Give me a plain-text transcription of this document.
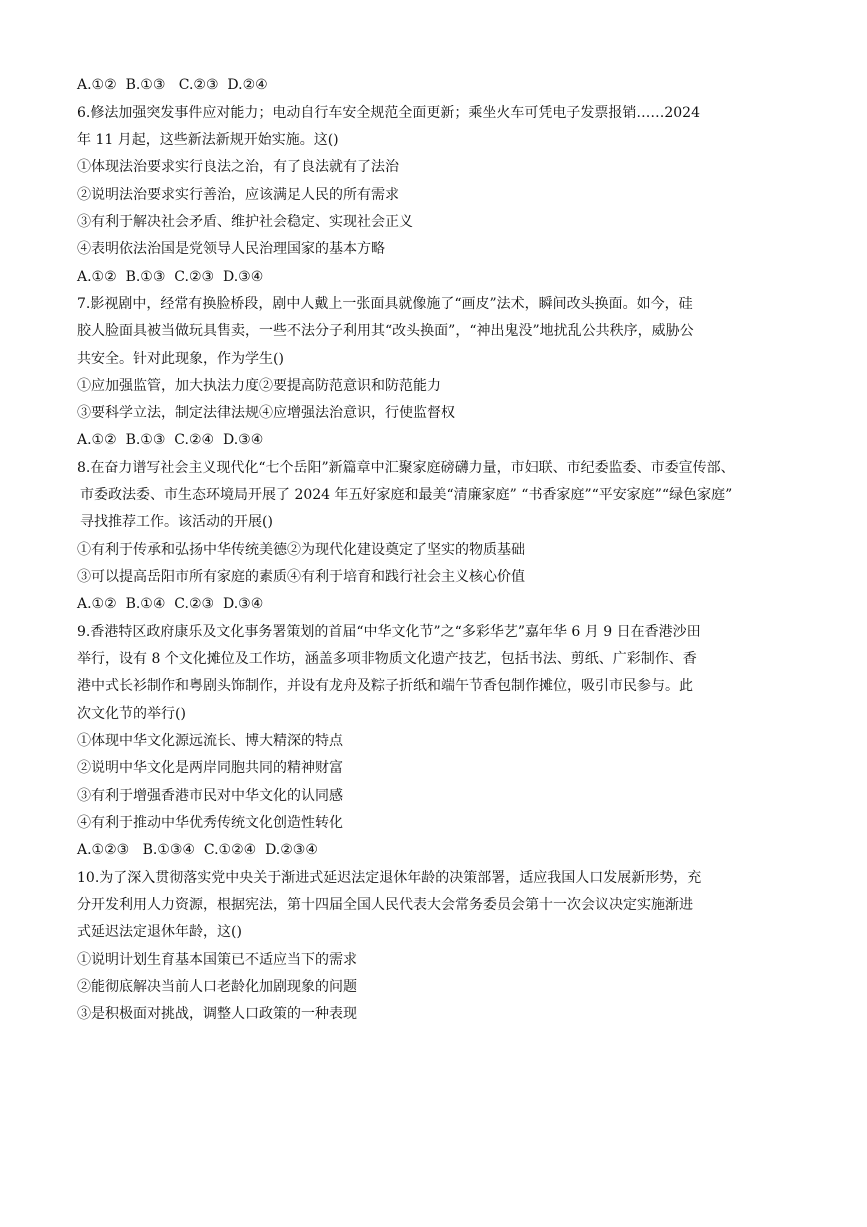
A.①②  B.①③   C.②③  D.②④
6.修法加强突发事件应对能力；电动自行车安全规范全面更新；乘坐火车可凭电子发票报销……2024
年 11 月起，这些新法新规开始实施。这()
①体现法治要求实行良法之治，有了良法就有了法治
②说明法治要求实行善治，应该满足人民的所有需求
③有利于解决社会矛盾、维护社会稳定、实现社会正义
④表明依法治国是党领导人民治理国家的基本方略
A.①②  B.①③  C.②③  D.③④
7.影视剧中，经常有换脸桥段，剧中人戴上一张面具就像施了“画皮”法术，瞬间改头换面。如今，硅
胶人脸面具被当做玩具售卖，一些不法分子利用其“改头换面”，“神出鬼没”地扰乱公共秩序，威胁公
共安全。针对此现象，作为学生()
①应加强监管，加大执法力度②要提高防范意识和防范能力
③要科学立法，制定法律法规④应增强法治意识，行使监督权
A.①②  B.①③  C.②④  D.③④
8.在奋力谱写社会主义现代化“七个岳阳”新篇章中汇聚家庭磅礴力量，市妇联、市纪委监委、市委宣传部、
市委政法委、市生态环境局开展了 2024 年五好家庭和最美“清廉家庭” “书香家庭”“平安家庭”“绿色家庭”
寻找推荐工作。该活动的开展()
①有利于传承和弘扬中华传统美德②为现代化建设奠定了坚实的物质基础
③可以提高岳阳市所有家庭的素质④有利于培育和践行社会主义核心价值
A.①②  B.①④  C.②③  D.③④
9.香港特区政府康乐及文化事务署策划的首届“中华文化节”之“多彩华艺”嘉年华 6 月 9 日在香港沙田
举行，设有 8 个文化摊位及工作坊，涵盖多项非物质文化遗产技艺，包括书法、剪纸、广彩制作、香
港中式长衫制作和粤剧头饰制作，并设有龙舟及粽子折纸和端午节香包制作摊位，吸引市民参与。此
次文化节的举行()
①体现中华文化源远流长、博大精深的特点
②说明中华文化是两岸同胞共同的精神财富
③有利于增强香港市民对中华文化的认同感
④有利于推动中华优秀传统文化创造性转化
A.①②③   B.①③④  C.①②④  D.②③④
10.为了深入贯彻落实党中央关于渐进式延迟法定退休年龄的决策部署，适应我国人口发展新形势，充
分开发利用人力资源，根据宪法，第十四届全国人民代表大会常务委员会第十一次会议决定实施渐进
式延迟法定退休年龄，这()
①说明计划生育基本国策已不适应当下的需求
②能彻底解决当前人口老龄化加剧现象的问题
③是积极面对挑战，调整人口政策的一种表现
